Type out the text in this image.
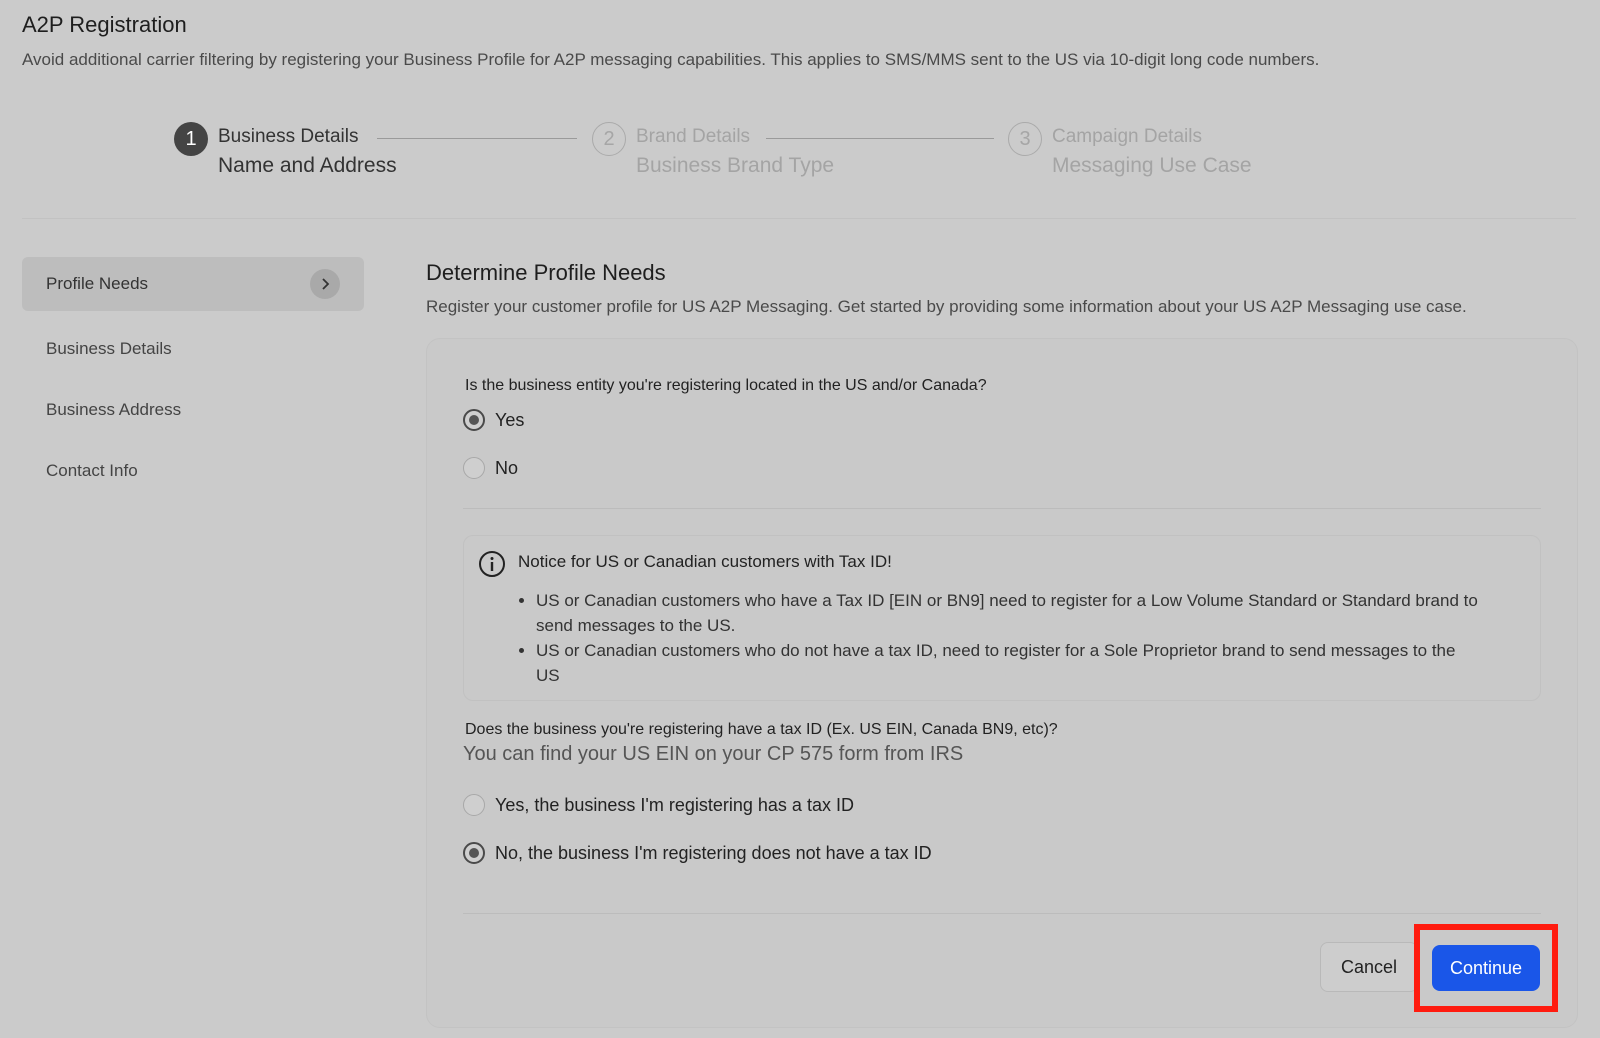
A2P Registration
Avoid additional carrier filtering by registering your Business Profile for A2P messaging capabilities. This applies to SMS/MMS sent to the US via 10-digit long code numbers.
1	Business Details
Name and Address
2	Brand Details
Business Brand Type
3	Campaign Details
Messaging Use Case
Profile Needs
Business Details
Business Address
Contact Info
Determine Profile Needs
Register your customer profile for US A2P Messaging. Get started by providing some information about your US A2P Messaging use case.
Is the business entity you're registering located in the US and/or Canada?
Yes
No
Notice for US or Canadian customers with Tax ID!
• US or Canadian customers who have a Tax ID [EIN or BN9] need to register for a Low Volume Standard or Standard brand to send messages to the US.
• US or Canadian customers who do not have a tax ID, need to register for a Sole Proprietor brand to send messages to the US
Does the business you're registering have a tax ID (Ex. US EIN, Canada BN9, etc)?
You can find your US EIN on your CP 575 form from IRS
Yes, the business I'm registering has a tax ID
No, the business I'm registering does not have a tax ID
Cancel	Continue
